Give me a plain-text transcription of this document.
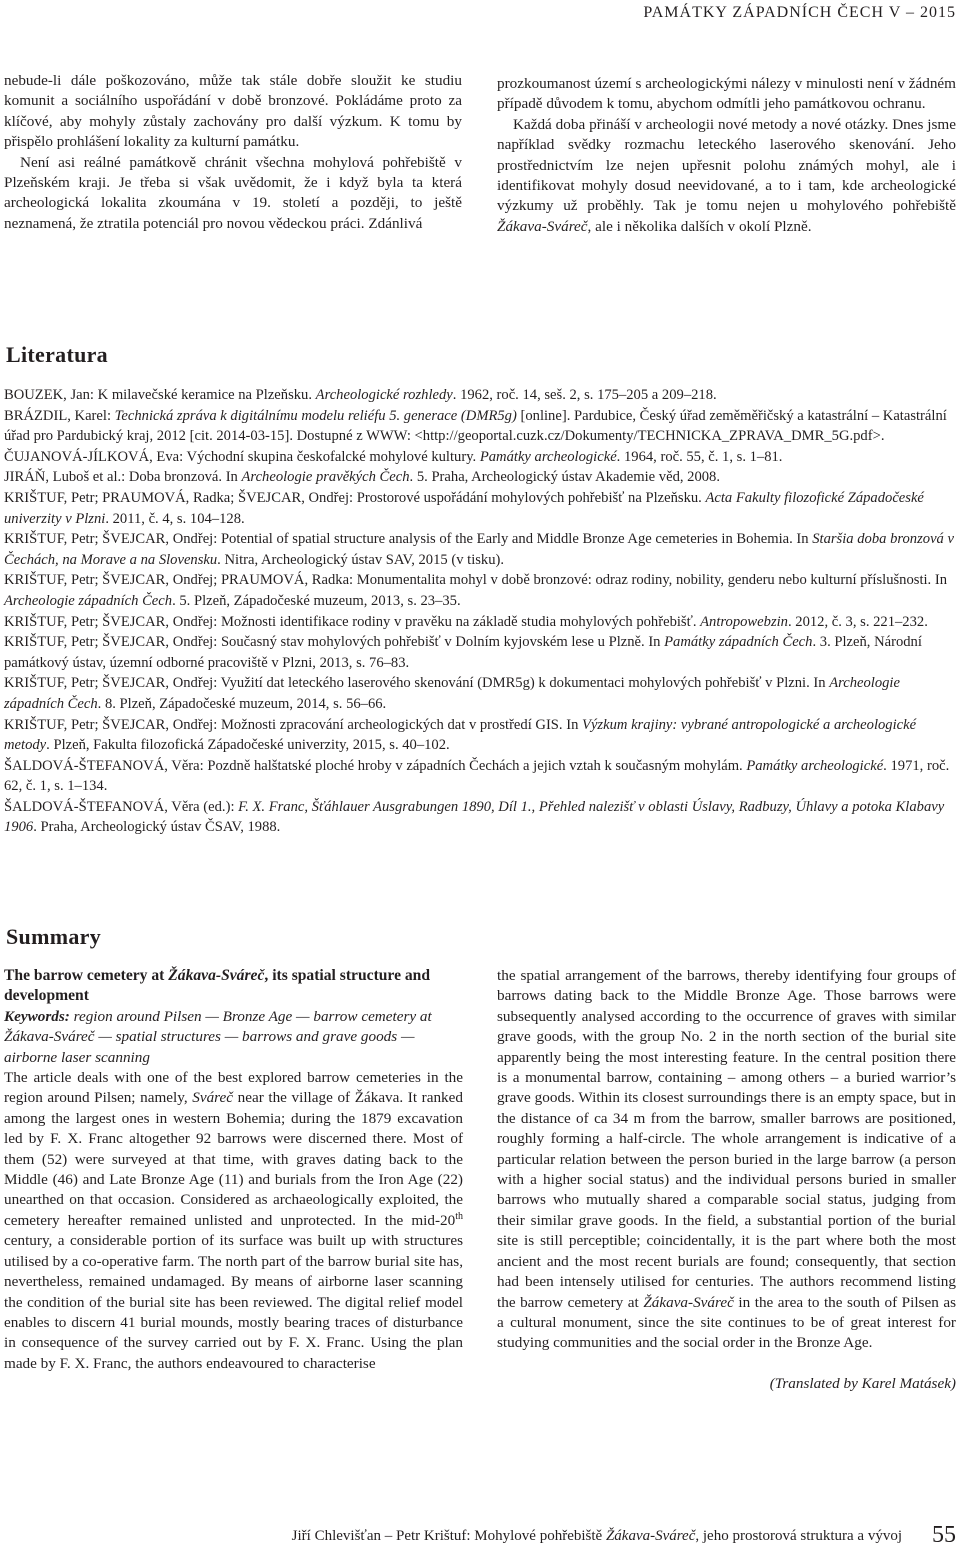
PAMÁTKY ZÁPADNÍCH ČECH V – 2015

nebude-li dále poškozováno, může tak stále dobře sloužit ke studiu komunit a sociálního uspořádání v době bronzové. Pokládáme proto za klíčové, aby mohyly zůstaly zachovány pro další výzkum. K tomu by přispělo prohlášení lokality za kulturní památku.

Není asi reálné památkově chránit všechna mohylová pohřebiště v Plzeňském kraji. Je třeba si však uvědomit, že i když byla ta která archeologická lokalita zkoumána v 19. století a později, to ještě neznamená, že ztratila potenciál pro novou vědeckou práci. Zdánlivá

prozkoumanost území s archeologickými nálezy v minulosti není v žádném případě důvodem k tomu, abychom odmítli jeho památkovou ochranu.

Každá doba přináší v archeologii nové metody a nové otázky. Dnes jsme například svědky rozmachu leteckého laserového skenování. Jeho prostřednictvím lze nejen upřesnit polohu známých mohyl, ale i identifikovat mohyly dosud neevidované, a to i tam, kde archeologické výzkumy už proběhly. Tak je tomu nejen u mohylového pohřebiště Žákava-Sváreč, ale i několika dalších v okolí Plzně.

Literatura

BOUZEK, Jan: K milavečské keramice na Plzeňsku. Archeologické rozhledy. 1962, roč. 14, seš. 2, s. 175–205 a 209–218.

BRÁZDIL, Karel: Technická zpráva k digitálnímu modelu reliéfu 5. generace (DMR5g) [online]. Pardubice, Český úřad zeměměřičský a katastrální – Katastrální úřad pro Pardubický kraj, 2012 [cit. 2014-03-15]. Dostupné z WWW: <http://geoportal.cuzk.cz/Dokumenty/TECHNICKA_ZPRAVA_DMR_5G.pdf>.

ČUJANOVÁ-JÍLKOVÁ, Eva: Východní skupina českofalcké mohylové kultury. Památky archeologické. 1964, roč. 55, č. 1, s. 1–81.

JIRÁŇ, Luboš et al.: Doba bronzová. In Archeologie pravěkých Čech. 5. Praha, Archeologický ústav Akademie věd, 2008.

KRIŠTUF, Petr; PRAUMOVÁ, Radka; ŠVEJCAR, Ondřej: Prostorové uspořádání mohylových pohřebišť na Plzeňsku. Acta Fakulty filozofické Západočeské univerzity v Plzni. 2011, č. 4, s. 104–128.

KRIŠTUF, Petr; ŠVEJCAR, Ondřej: Potential of spatial structure analysis of the Early and Middle Bronze Age cemeteries in Bohemia. In Staršia doba bronzová v Čechách, na Morave a na Slovensku. Nitra, Archeologický ústav SAV, 2015 (v tisku).

KRIŠTUF, Petr; ŠVEJCAR, Ondřej; PRAUMOVÁ, Radka: Monumentalita mohyl v době bronzové: odraz rodiny, nobility, genderu nebo kulturní příslušnosti. In Archeologie západních Čech. 5. Plzeň, Západočeské muzeum, 2013, s. 23–35.

KRIŠTUF, Petr; ŠVEJCAR, Ondřej: Možnosti identifikace rodiny v pravěku na základě studia mohylových pohřebišť. Antropowebzin. 2012, č. 3, s. 221–232.

KRIŠTUF, Petr; ŠVEJCAR, Ondřej: Současný stav mohylových pohřebišť v Dolním kyjovském lese u Plzně. In Památky západních Čech. 3. Plzeň, Národní památkový ústav, územní odborné pracoviště v Plzni, 2013, s. 76–83.

KRIŠTUF, Petr; ŠVEJCAR, Ondřej: Využití dat leteckého laserového skenování (DMR5g) k dokumentaci mohylových pohřebišť v Plzni. In Archeologie západních Čech. 8. Plzeň, Západočeské muzeum, 2014, s. 56–66.

KRIŠTUF, Petr; ŠVEJCAR, Ondřej: Možnosti zpracování archeologických dat v prostředí GIS. In Výzkum krajiny: vybrané antropologické a archeologické metody. Plzeň, Fakulta filozofická Západočeské univerzity, 2015, s. 40–102.

ŠALDOVÁ-ŠTEFANOVÁ, Věra: Pozdně halštatské ploché hroby v západních Čechách a jejich vztah k současným mohylám. Památky archeologické. 1971, roč. 62, č. 1, s. 1–134.

ŠALDOVÁ-ŠTEFANOVÁ, Věra (ed.): F. X. Franc, Šťáhlauer Ausgrabungen 1890, Díl 1., Přehled nalezišť v oblasti Úslavy, Radbuzy, Úhlavy a potoka Klabavy 1906. Praha, Archeologický ústav ČSAV, 1988.

Summary

The barrow cemetery at Žákava-Sváreč, its spatial structure and development

Keywords: region around Pilsen — Bronze Age — barrow cemetery at Žákava-Sváreč — spatial structures — barrows and grave goods — airborne laser scanning

The article deals with one of the best explored barrow cemeteries in the region around Pilsen; namely, Sváreč near the village of Žákava. It ranked among the largest ones in western Bohemia; during the 1879 excavation led by F. X. Franc altogether 92 barrows were discerned there. Most of them (52) were surveyed at that time, with graves dating back to the Middle (46) and Late Bronze Age (11) and burials from the Iron Age (22) unearthed on that occasion. Considered as archaeologically exploited, the cemetery hereafter remained unlisted and unprotected. In the mid-20th century, a considerable portion of its surface was built up with structures utilised by a co-operative farm. The north part of the barrow burial site has, nevertheless, remained undamaged. By means of airborne laser scanning the condition of the burial site has been reviewed. The digital relief model enables to discern 41 burial mounds, mostly bearing traces of disturbance in consequence of the survey carried out by F. X. Franc. Using the plan made by F. X. Franc, the authors endeavoured to characterise

the spatial arrangement of the barrows, thereby identifying four groups of barrows dating back to the Middle Bronze Age. Those barrows were subsequently analysed according to the occurrence of graves with similar grave goods, with the group No. 2 in the north section of the burial site apparently being the most interesting feature. In the central position there is a monumental barrow, containing – among others – a buried warrior’s grave goods. Within its closest surroundings there is an empty space, but in the distance of ca 34 m from the barrow, smaller barrows are positioned, roughly forming a half-circle. The whole arrangement is indicative of a particular relation between the person buried in the large barrow (a person with a higher social status) and the individual persons buried in smaller barrows who mutually shared a comparable social status, judging from their similar grave goods. In the field, a substantial portion of the burial site is still perceptible; coincidentally, it is the part where both the most ancient and the most recent burials are found; consequently, that section had been intensely utilised for centuries. The authors recommend listing the barrow cemetery at Žákava-Sváreč in the area to the south of Pilsen as a cultural monument, since the site continues to be of great interest for studying communities and the social order in the Bronze Age.

(Translated by Karel Matásek)

Jiří Chlevišťan – Petr Krištuf: Mohylové pohřebiště Žákava-Sváreč, jeho prostorová struktura a vývoj 55
